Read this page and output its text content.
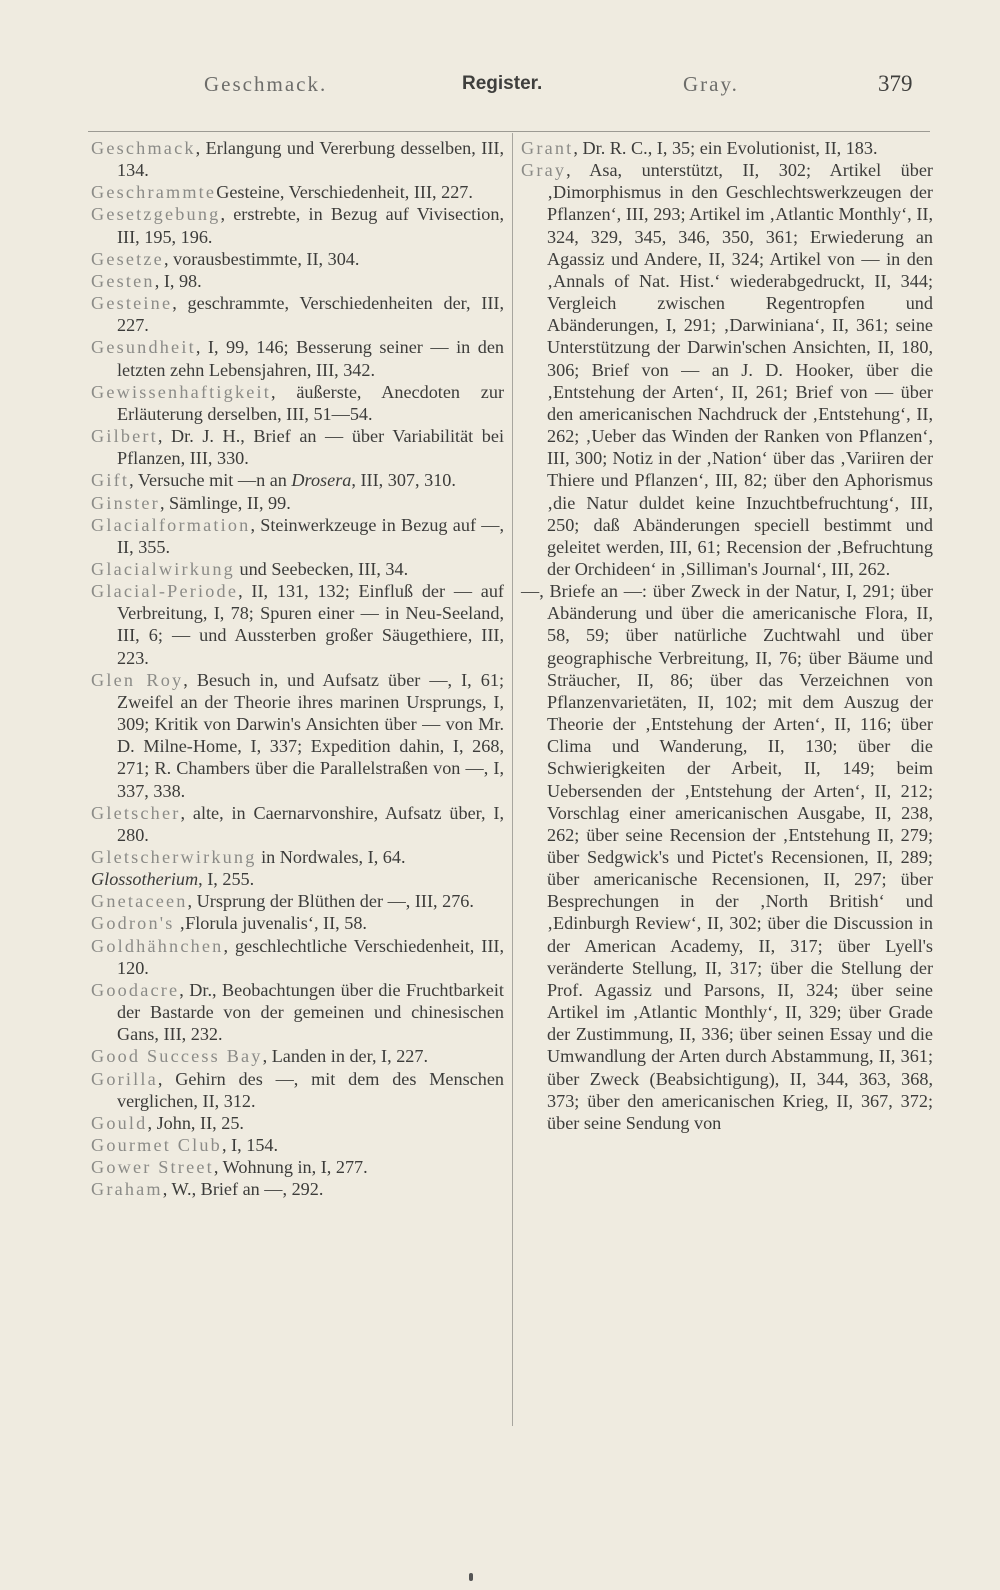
Geschmack.	Register.	Gray.	379

Geschmack, Erlangung und Vererbung desselben, III, 134.

GeschrammteGesteine, Verschiedenheit, III, 227.

Gesetzgebung, erstrebte, in Bezug auf Vivisection, III, 195, 196.

Gesetze, vorausbestimmte, II, 304.

Gesten, I, 98.

Gesteine, geschrammte, Verschiedenheiten der, III, 227.

Gesundheit, I, 99, 146; Besserung seiner — in den letzten zehn Lebensjahren, III, 342.

Gewissenhaftigkeit, äußerste, Anecdoten zur Erläuterung derselben, III, 51—54.

Gilbert, Dr. J. H., Brief an — über Variabilität bei Pflanzen, III, 330.

Gift, Versuche mit —n an Drosera, III, 307, 310.

Ginster, Sämlinge, II, 99.

Glacialformation, Steinwerkzeuge in Bezug auf —, II, 355.

Glacialwirkung und Seebecken, III, 34.

Glacial-Periode, II, 131, 132; Einfluß der — auf Verbreitung, I, 78; Spuren einer — in Neu-Seeland, III, 6; — und Aussterben großer Säugethiere, III, 223.

Glen Roy, Besuch in, und Aufsatz über —, I, 61; Zweifel an der Theorie ihres marinen Ursprungs, I, 309; Kritik von Darwin's Ansichten über — von Mr. D. Milne-Home, I, 337; Expedition dahin, I, 268, 271; R. Chambers über die Parallelstraßen von —, I, 337, 338.

Gletscher, alte, in Caernarvonshire, Aufsatz über, I, 280.

Gletscherwirkung in Nordwales, I, 64.

Glossotherium, I, 255.

Gnetaceen, Ursprung der Blüthen der —, III, 276.

Godron's ‚Florula juvenalis‘, II, 58.

Goldhähnchen, geschlechtliche Verschiedenheit, III, 120.

Goodacre, Dr., Beobachtungen über die Fruchtbarkeit der Bastarde von der gemeinen und chinesischen Gans, III, 232.

Good Success Bay, Landen in der, I, 227.

Gorilla, Gehirn des —, mit dem des Menschen verglichen, II, 312.

Gould, John, II, 25.

Gourmet Club, I, 154.

Gower Street, Wohnung in, I, 277.

Graham, W., Brief an —, 292.

Grant, Dr. R. C., I, 35; ein Evolutionist, II, 183.

Gray, Asa, unterstützt, II, 302; Artikel über ‚Dimorphismus in den Geschlechtswerkzeugen der Pflanzen‘, III, 293; Artikel im ‚Atlantic Monthly‘, II, 324, 329, 345, 346, 350, 361; Erwiederung an Agassiz und Andere, II, 324; Artikel von — in den ‚Annals of Nat. Hist.‘ wiederabgedruckt, II, 344; Vergleich zwischen Regentropfen und Abänderungen, I, 291; ‚Darwiniana‘, II, 361; seine Unterstützung der Darwin'schen Ansichten, II, 180, 306; Brief von — an J. D. Hooker, über die ‚Entstehung der Arten‘, II, 261; Brief von — über den americanischen Nachdruck der ‚Entstehung‘, II, 262; ‚Ueber das Winden der Ranken von Pflanzen‘, III, 300; Notiz in der ‚Nation‘ über das ‚Variiren der Thiere und Pflanzen‘, III, 82; über den Aphorismus ‚die Natur duldet keine Inzuchtbefruchtung‘, III, 250; daß Abänderungen speciell bestimmt und geleitet werden, III, 61; Recension der ‚Befruchtung der Orchideen‘ in ‚Silliman's Journal‘, III, 262.

—, Briefe an —: über Zweck in der Natur, I, 291; über Abänderung und über die americanische Flora, II, 58, 59; über natürliche Zuchtwahl und über geographische Verbreitung, II, 76; über Bäume und Sträucher, II, 86; über das Verzeichnen von Pflanzenvarietäten, II, 102; mit dem Auszug der Theorie der ‚Entstehung der Arten‘, II, 116; über Clima und Wanderung, II, 130; über die Schwierigkeiten der Arbeit, II, 149; beim Uebersenden der ‚Entstehung der Arten‘, II, 212; Vorschlag einer americanischen Ausgabe, II, 238, 262; über seine Recension der ‚Entstehung II, 279; über Sedgwick's und Pictet's Recensionen, II, 289; über americanische Recensionen, II, 297; über Besprechungen in der ‚North British‘ und ‚Edinburgh Review‘, II, 302; über die Discussion in der American Academy, II, 317; über Lyell's veränderte Stellung, II, 317; über die Stellung der Prof. Agassiz und Parsons, II, 324; über seine Artikel im ‚Atlantic Monthly‘, II, 329; über Grade der Zustimmung, II, 336; über seinen Essay und die Umwandlung der Arten durch Abstammung, II, 361; über Zweck (Beabsichtigung), II, 344, 363, 368, 373; über den americanischen Krieg, II, 367, 372; über seine Sendung von
